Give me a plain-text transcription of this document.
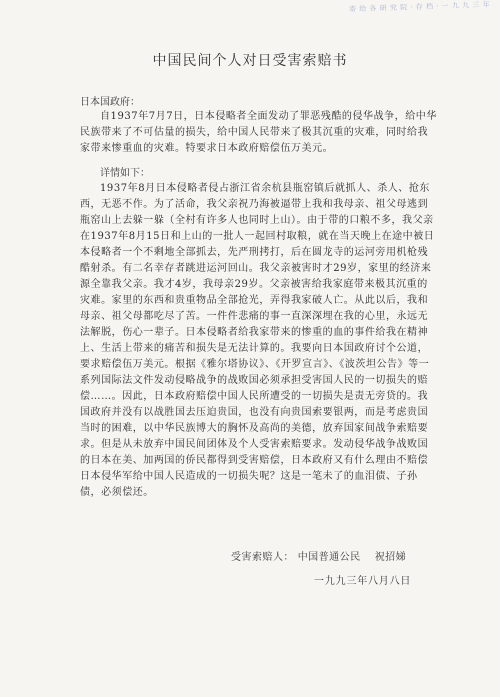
寄 给 各 研 究 院 · 存 档 · 一 九 九 三 年
中国民间个人对日受害索赔书
日本国政府：
自1937年7月7日，日本侵略者全面发动了罪恶残酷的侵华战争，给中华民族带来了不可估量的损失，给中国人民带来了极其沉重的灾难，同时给我家带来惨重血的灾难。特要求日本政府赔偿伍万美元。
详情如下：
1937年8月日本侵略者侵占浙江省余杭县瓶窑镇后就抓人、杀人、抢东西，无恶不作。为了活命，我父亲祝乃海被逼带上我和我母亲、祖父母逃到瓶窑山上去躲一躲（全村有许多人也同时上山）。由于带的口粮不多，我父亲在1937年8月15日和上山的一批人一起回村取粮，就在当天晚上在途中被日本侵略者一个不剩地全部抓去，先严刑拷打，后在圆龙寺的运河旁用机枪残酷射杀。有二名幸存者跳进运河回山。我父亲被害时才29岁，家里的经济来源全靠我父亲。我才4岁，我母亲29岁。父亲被害给我家庭带来极其沉重的灾难。家里的东西和贵重物品全部抢光，弄得我家破人亡。从此以后，我和母亲、祖父母都吃尽了苦。一件件悲痛的事一直深深埋在我的心里，永远无法解脱，伤心一辈子。日本侵略者给我家带来的惨重的血的事件给我在精神上、生活上带来的痛苦和损失是无法计算的。我要向日本国政府讨个公道，要求赔偿伍万美元。根据《雅尔塔协议》、《开罗宣言》、《波茨坦公告》等一系列国际法文件发动侵略战争的战败国必须承担受害国人民的一切损失的赔偿……。因此，日本政府赔偿中国人民所遭受的一切损失是责无旁贷的。我国政府并没有以战胜国去压迫贵国，也没有向贵国索要银两，而是考虑贵国当时的困难，以中华民族博大的胸怀及高尚的美德，放弃国家间战争索赔要求。但是从未放弃中国民间团体及个人受害索赔要求。发动侵华战争战败国的日本在美、加两国的侨民都得到受害赔偿，日本政府又有什么理由不赔偿日本侵华军给中国人民造成的一切损失呢？这是一笔未了的血泪债、子孙债，必须偿还。
受害索赔人： 中国普通公民 祝招娣
一九九三年八月八日
